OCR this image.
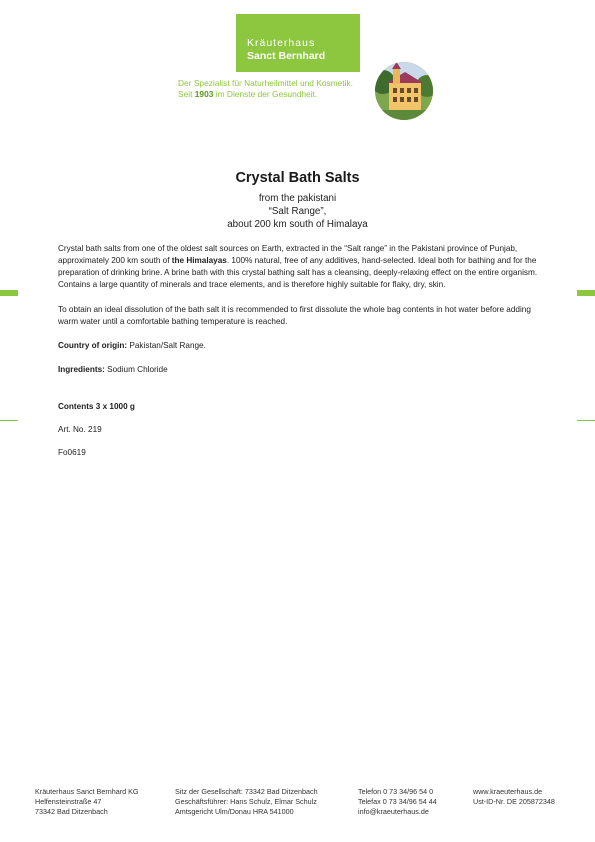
Kräuterhaus
Sanct Bernhard
Der Spezialist für Naturheilmittel und Kosmetik.
Seit 1903 im Dienste der Gesundheit.
Crystal Bath Salts
from the pakistani
“Salt Range”,
about 200 km south of Himalaya
Crystal bath salts from one of the oldest salt sources on Earth, extracted in the “Salt range” in the Pakistani province of Punjab, approximately 200 km south of the Himalayas. 100% natural, free of any additives, hand-selected. Ideal both for bathing and for the preparation of drinking brine. A brine bath with this crystal bathing salt has a cleansing, deeply-relaxing effect on the entire organism. Contains a large quantity of minerals and trace elements, and is therefore highly suitable for flaky, dry, skin.
To obtain an ideal dissolution of the bath salt it is recommended to first dissolute the whole bag contents in hot water before adding warm water until a comfortable bathing temperature is reached.
Country of origin: Pakistan/Salt Range.
Ingredients: Sodium Chloride
Contents 3 x 1000 g
Art. No. 219
Fo0619
Kräuterhaus Sanct Bernhard KG
Helfensteinstraße 47
73342 Bad Ditzenbach
Sitz der Gesellschaft: 73342 Bad Ditzenbach
Geschäftsführer: Hans Schulz, Elmar Schulz
Amtsgericht Ulm/Donau HRA 541000
Telefon 0 73 34/96 54 0
Telefax 0 73 34/96 54 44
info@kraeuterhaus.de
www.kraeuterhaus.de
Ust-ID-Nr. DE 205872348
